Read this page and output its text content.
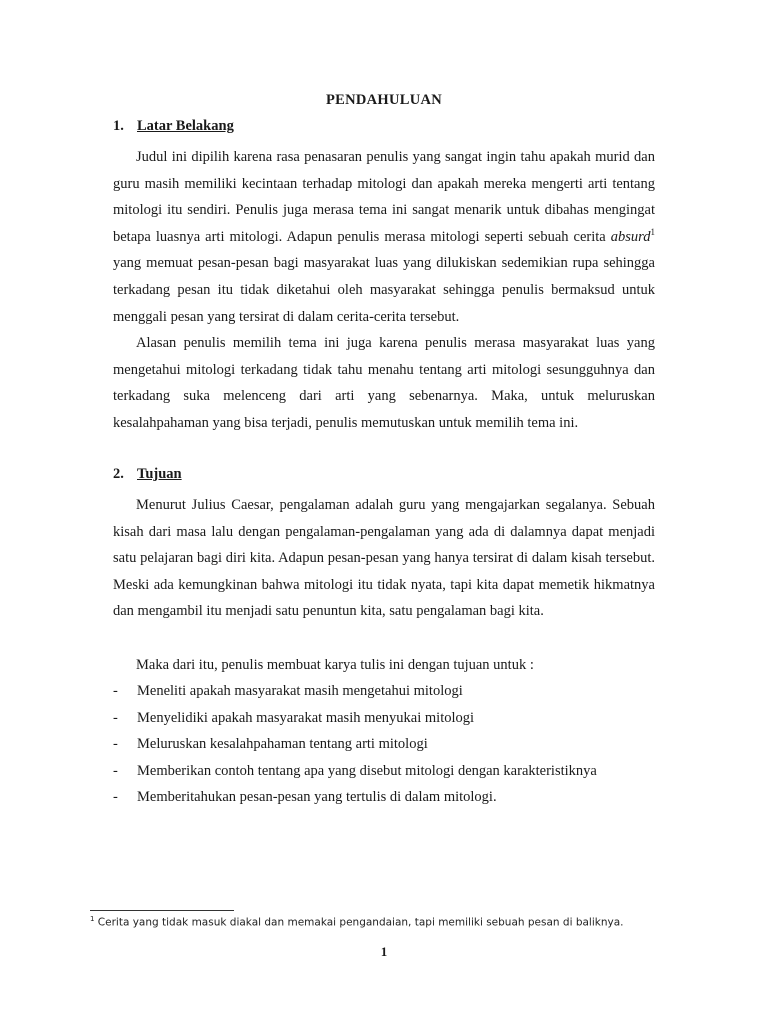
PENDAHULUAN
1. Latar Belakang

Judul ini dipilih karena rasa penasaran penulis yang sangat ingin tahu apakah murid dan guru masih memiliki kecintaan terhadap mitologi dan apakah mereka mengerti arti tentang mitologi itu sendiri. Penulis juga merasa tema ini sangat menarik untuk dibahas mengingat betapa luasnya arti mitologi. Adapun penulis merasa mitologi seperti sebuah cerita absurd$^1$ yang memuat pesan-pesan bagi masyarakat luas yang dilukiskan sedemikian rupa sehingga terkadang pesan itu tidak diketahui oleh masyarakat sehingga penulis bermaksud untuk menggali pesan yang tersirat di dalam cerita-cerita tersebut.

Alasan penulis memilih tema ini juga karena penulis merasa masyarakat luas yang mengetahui mitologi terkadang tidak tahu menahu tentang arti mitologi sesungguhnya dan terkadang suka melenceng dari arti yang sebenarnya. Maka, untuk meluruskan kesalahpahaman yang bisa terjadi, penulis memutuskan untuk memilih tema ini.

2. Tujuan

Menurut Julius Caesar, pengalaman adalah guru yang mengajarkan segalanya. Sebuah kisah dari masa lalu dengan pengalaman-pengalaman yang ada di dalamnya dapat menjadi satu pelajaran bagi diri kita. Adapun pesan-pesan yang hanya tersirat di dalam kisah tersebut. Meski ada kemungkinan bahwa mitologi itu tidak nyata, tapi kita dapat memetik hikmatnya dan mengambil itu menjadi satu penuntun kita, satu pengalaman bagi kita.

Maka dari itu, penulis membuat karya tulis ini dengan tujuan untuk :

- Meneliti apakah masyarakat masih mengetahui mitologi
- Menyelidiki apakah masyarakat masih menyukai mitologi
- Meluruskan kesalahpahaman tentang arti mitologi
- Memberikan contoh tentang apa yang disebut mitologi dengan karakteristiknya
- Memberitahukan pesan-pesan yang tertulis di dalam mitologi.
$^1$ Cerita yang tidak masuk diakal dan memakai pengandaian, tapi memiliki sebuah pesan di baliknya.
1
